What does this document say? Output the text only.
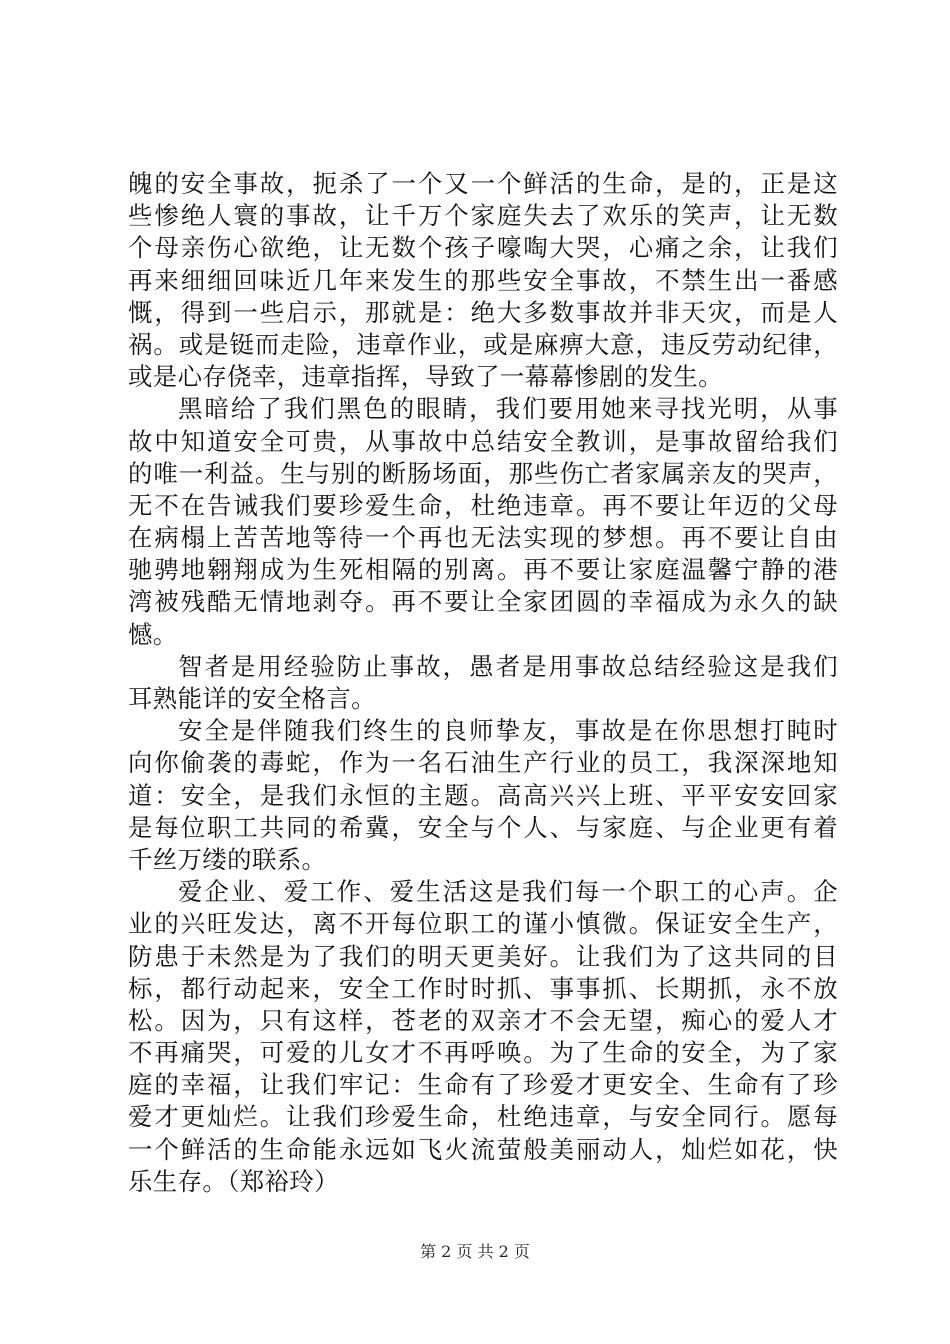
魄的安全事故，扼杀了一个又一个鲜活的生命，是的，正是这
些惨绝人寰的事故，让千万个家庭失去了欢乐的笑声，让无数
个母亲伤心欲绝，让无数个孩子嚎啕大哭，心痛之余，让我们
再来细细回味近几年来发生的那些安全事故，不禁生出一番感
慨，得到一些启示，那就是：绝大多数事故并非天灾，而是人
祸。或是铤而走险，违章作业，或是麻痹大意，违反劳动纪律，
或是心存侥幸，违章指挥，导致了一幕幕惨剧的发生。
黑暗给了我们黑色的眼睛，我们要用她来寻找光明，从事
故中知道安全可贵，从事故中总结安全教训，是事故留给我们
的唯一利益。生与别的断肠场面，那些伤亡者家属亲友的哭声，
无不在告诫我们要珍爱生命，杜绝违章。再不要让年迈的父母
在病榻上苦苦地等待一个再也无法实现的梦想。再不要让自由
驰骋地翱翔成为生死相隔的别离。再不要让家庭温馨宁静的港
湾被残酷无情地剥夺。再不要让全家团圆的幸福成为永久的缺
憾。
智者是用经验防止事故，愚者是用事故总结经验这是我们
耳熟能详的安全格言。
安全是伴随我们终生的良师挚友，事故是在你思想打盹时
向你偷袭的毒蛇，作为一名石油生产行业的员工，我深深地知
道：安全，是我们永恒的主题。高高兴兴上班、平平安安回家
是每位职工共同的希冀，安全与个人、与家庭、与企业更有着
千丝万缕的联系。
爱企业、爱工作、爱生活这是我们每一个职工的心声。企
业的兴旺发达，离不开每位职工的谨小慎微。保证安全生产，
防患于未然是为了我们的明天更美好。让我们为了这共同的目
标，都行动起来，安全工作时时抓、事事抓、长期抓，永不放
松。因为，只有这样，苍老的双亲才不会无望，痴心的爱人才
不再痛哭，可爱的儿女才不再呼唤。为了生命的安全，为了家
庭的幸福，让我们牢记：生命有了珍爱才更安全、生命有了珍
爱才更灿烂。让我们珍爱生命，杜绝违章，与安全同行。愿每
一个鲜活的生命能永远如飞火流萤般美丽动人，灿烂如花，快
乐生存。（郑裕玲）
第 2 页 共 2 页
